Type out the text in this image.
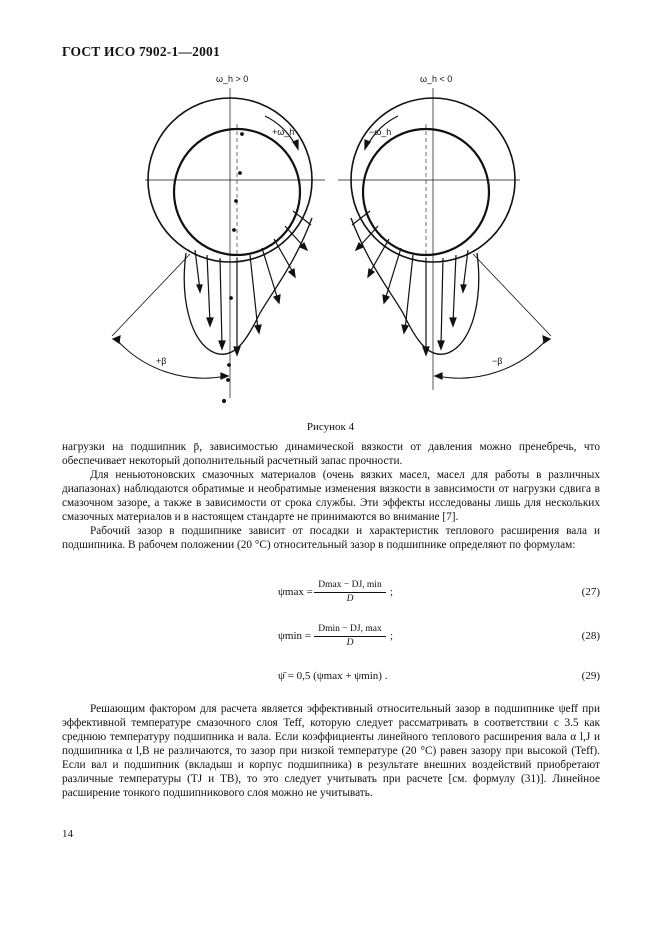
ГОСТ ИСО 7902-1—2001
ω_h > 0	ω_h < 0
+ω_h	−ω_h
+β	−β
Рисунок 4

нагрузки на подшипник p̄, зависимостью динамической вязкости от давления можно пренебречь, что обеспечивает некоторый дополнительный расчетный запас прочности.

Для неньютоновских смазочных материалов (очень вязких масел, масел для работы в различных диапазонах) наблюдаются обратимые и необратимые изменения вязкости в зависимости от нагрузки сдвига в смазочном зазоре, а также в зависимости от срока службы. Эти эффекты исследованы лишь для нескольких смазочных материалов и в настоящем стандарте не принимаются во внимание [7].

Рабочий зазор в подшипнике зависит от посадки и характеристик теплового расширения вала и подшипника. В рабочем положении (20 °С) относительный зазор в подшипнике определяют по формулам:

ψmax =
Dmax − DJ, min
D
;	(27)
ψmin =
Dmin − DJ, max
D
;	(28)
ψ̄ = 0,5 (ψmax + ψmin) .	(29)

Решающим фактором для расчета является эффективный относительный зазор в подшипнике ψeff при эффективной температуре смазочного слоя Teff, которую следует рассматривать в соответствии с 3.5 как среднюю температуру подшипника и вала. Если коэффициенты линейного теплового расширения вала α l,J и подшипника α l,B не различаются, то зазор при низкой температуре (20 °С) равен зазору при высокой (Teff). Если вал и подшипник (вкладыш и корпус подшипника) в результате внешних воздействий приобретают различные температуры (TJ и TB), то это следует учитывать при расчете [см. формулу (31)]. Линейное расширение тонкого подшипникового слоя можно не учитывать.

14
